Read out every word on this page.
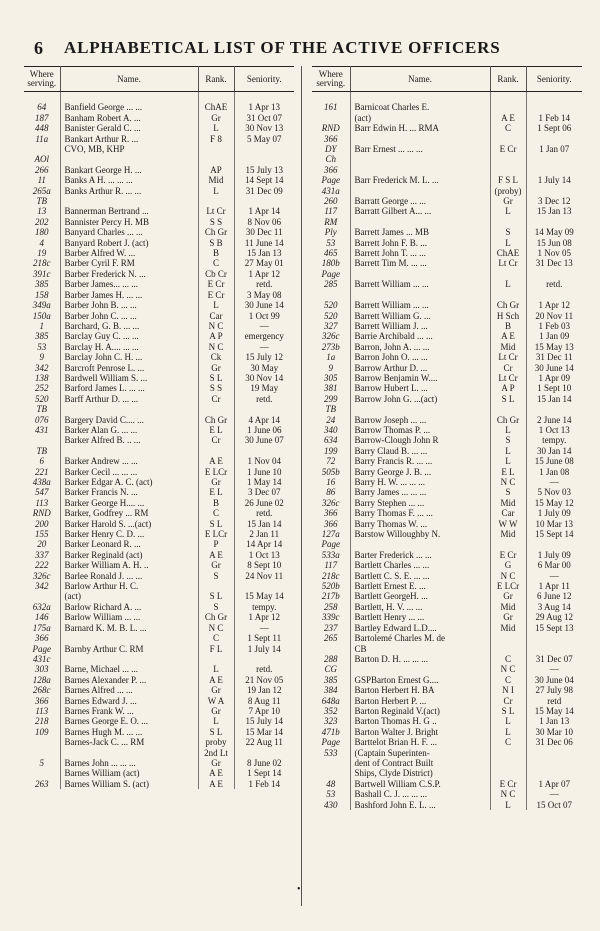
6 ALPHABETICAL LIST OF THE ACTIVE OFFICERS
Where serving.	Name.	Rank.	Seniority.

64	Banfield George ... ...	ChAE	1 Apr 13
187	Banham Robert A. ...	Gr	31 Oct 07
448	Banister Gerald C. ...	L	30 Nov 13
11a	Bankart Arthur R. ...	F 8	5 May 07
	CVO, MB, KHP		
AOl			
266	Bankart George H. ...	AP	15 July 13
11	Banks A H. ... ... ...	Mid	14 Sept 14
265a	Banks Arthur R. ... ...	L	31 Dec 09
TB			
13	Bannerman Bertrand ...	Lt Cr	1 Apr 14
202	Bannister Percy H. MB	S S	8 Nov 06
180	Banyard Charles ... ...	Ch Gr	30 Dec 11
4	Banyard Robert J. (act)	S B	11 June 14
19	Barber Alfred W. ...	B	15 Jan 13
218c	Barber Cyril F. RM	C	27 May 01
391c	Barber Frederick N. ...	Cb Cr	1 Apr 12
385	Barber James... ... ...	E Cr	retd.
158	Barber James H. ... ...	E Cr	3 May 08
349a	Barber John B. ... ...	L	30 June 14
150a	Barber John C. ... ...	Car	1 Oct 99
1	Barchard, G. B. ... ...	N C	—
385	Barclay Guy C. ... ...	A P	emergency
53	Barclay H. A.... ... ...	N C	—
9	Barclay John C. H. ...	Ck	15 July 12
342	Barcroft Penrose L. ...	Gr	30 May
138	Bardwell William S. ...	S L	30 Nov 14
252	Barford James L. ... ...	S S	19 May
520	Barff Arthur D. ... ...	Cr	retd.
TB			
076	Bargery David C.... ...	Ch Gr	4 Apr 14
431	Barker Alan G. ... ...	E L	1 June 06
	Barker Alfred B. .. ...	Cr	30 June 07
TB			
6	Barker Andrew ... ...	A E	1 Nov 04
221	Barker Cecil ... ... ...	E LCr	1 June 10
438a	Barker Edgar A. C. (act)	Gr	1 May 14
547	Barker Francis N. ...	E L	3 Dec 07
113	Barker George H.... ...	B	26 June 02
RND	Barker, Godfrey ... RM	C	retd.
200	Barker Harold S. ...(act)	S L	15 Jan 14
155	Barker Henry C. D. ...	E LCr	2 Jan 11
20	Barker Leonard R. ...	P	14 Apr 14
337	Barker Reginald (act)	A E	1 Oct 13
222	Barker William A. H. ..	Gr	8 Sept 10
326c	Barlee Ronald J. ... ...	S	24 Nov 11
342	Barlow Arthur H. C.		
	(act)	S L	15 May 14
632a	Barlow Richard A. ...	S	tempy.
146	Barlow William ... ...	Ch Gr	1 Apr 12
175a	Barnard K. M. B. L. ...	N C	—
366		C	1 Sept 11
Page	Barnby Arthur C. RM	F L	1 July 14
431c			
303	Barne, Michael ... ...	L	retd.
128a	Barnes Alexander P. ...	A E	21 Nov 05
268c	Barnes Alfred ... ...	Gr	19 Jan 12
366	Barnes Edward J. ...	W A	8 Aug 11
113	Barnes Frank W. ...	Gr	7 Apr 10
218	Barnes George E. O. ...	L	15 July 14
109	Barnes Hugh M. ... ...	S L	15 Mar 14
	Barnes-Jack C. ... RM	proby	22 Aug 11
		2nd Lt	
5	Barnes John ... ... ...	Gr	8 June 02
	Barnes William (act)	A E	1 Sept 14
263	Barnes William S. (act)	A E	1 Feb 14
Where serving.	Name.	Rank.	Seniority.

161	Barnicoat Charles E.		
	(act)	A E	1 Feb 14
RND	Barr Edwin H. ... RMA	C	1 Sept 06
366			
DY	Barr Ernest ... ... ...	E Cr	1 Jan 07
Ch			
366			
Page	Barr Frederick M. L. ...	F S L	1 July 14
431a		(proby)	
260	Barratt George ... ...	Gr	3 Dec 12
117	Barratt Gilbert A... ...	L	15 Jan 13
RM			
Ply	Barrett James ... MB	S	14 May 09
53	Barrett John F. B. ...	L	15 Jun 08
465	Barrett John T. ... ...	ChAE	1 Nov 05
180b	Barrett Tim M. ... ...	Lt Cr	31 Dec 13
Page			
285	Barrett William ... ...	L	retd.

520	Barrett William ... ...	Ch Gr	1 Apr 12
520	Barrett William G. ...	H Sch	20 Nov 11
327	Barrett William J. ...	B	1 Feb 03
326c	Barrie Archibald ... ...	A E	1 Jan 09
273b	Barron, John A. ... ...	Mid	15 May 13
1a	Barron John O. ... ...	Lt Cr	31 Dec 11
9	Barrow Arthur D. ...	Cr	30 June 14
305	Barrow Benjamin W....	Lt Cr	1 Apr 09
381	Barrow Hubert L. ...	A P	1 Sept 10
299	Barrow John G. ...(act)	S L	15 Jan 14
TB			
24	Barrow Joseph ... ...	Ch Gr	2 June 14
340	Barrow Thomas P. ...	L	1 Oct 13
634	Barrow-Clough John R	S	tempy.
199	Barry Claud B. ... ...	L	30 Jan 14
72	Barry Francis R. ... ...	L	15 June 08
505b	Barry George J. B. ...	E L	1 Jan 08
16	Barry H. W. ... ... ...	N C	—
86	Barry James ... ... ...	S	5 Nov 03
326c	Barry Stephen ... ...	Mid	15 May 12
366	Barry Thomas F. ... ...	Car	1 July 09
366	Barry Thomas W. ...	W W	10 Mar 13
127a	Barstow Willoughby N.	Mid	15 Sept 14
Page			
533a	Barter Frederick ... ...	E Cr	1 July 09
117	Bartlett Charles ... ...	G	6 Mar 00
218c	Bartlett C. S. E. ... ...	N C	—
520b	Bartlett Ernest E. ...	E LCr	1 Apr 11
217b	Bartlett GeorgeH. ...	Gr	6 June 12
258	Bartlett, H. V. ... ...	Mid	3 Aug 14
339c	Bartlett Henry ... ...	Gr	29 Aug 12
237	Bartley Edward L.D....	Mid	15 Sept 13
265	Bartolemé Charles M. de		
	CB		
288	Barton D. H. ... ... ...	C	31 Dec 07
CG		N C	—
385	GSPBarton Ernest G....	C	30 June 04
384	Barton Herbert H. BA	N I	27 July 98
648a	Barton Herbert P. ...	Cr	retd
352	Barton Reginald V.(act)	S L	15 May 14
323	Barton Thomas H. G ..	L	1 Jan 13
471b	Barton Walter J. Bright	L	30 Mar 10
Page	Barttelot Brian H. F. ...	C	31 Dec 06
533	(Captain Superinten-		
	dent of Contract Built		
	Ships, Clyde District)		
48	Bartwell William C.S.P.	E Cr	1 Apr 07
53	Bashall C. J. ... ... ...	N C	—
430	Bashford John E. L. ...	L	15 Oct 07
•
